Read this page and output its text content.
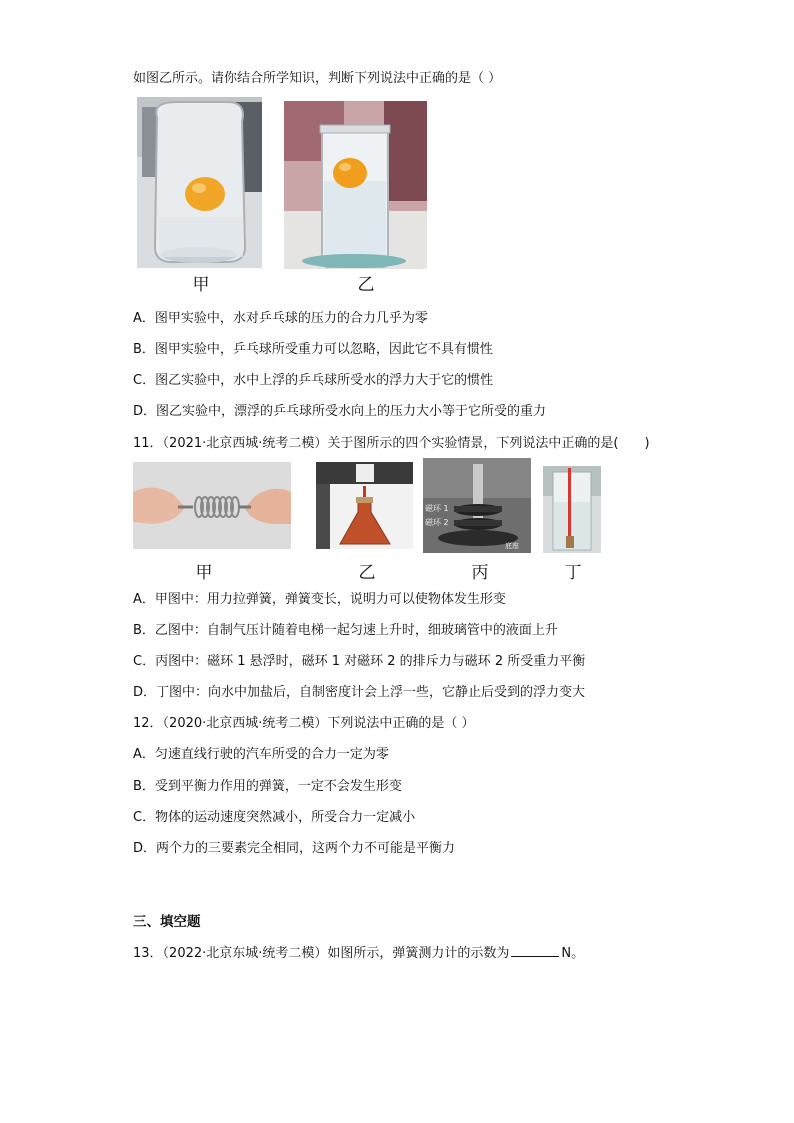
如图乙所示。请你结合所学知识，判断下列说法中正确的是（ ）
甲	乙
A．图甲实验中，水对乒乓球的压力的合力几乎为零
B．图甲实验中，乒乓球所受重力可以忽略，因此它不具有惯性
C．图乙实验中，水中上浮的乒乓球所受水的浮力大于它的惯性
D．图乙实验中，漂浮的乒乓球所受水向上的压力大小等于它所受的重力
11．（2021·北京西城·统考二模）关于图所示的四个实验情景，下列说法中正确的是(　　)
磁环 1
磁环 2
底座
甲	乙	丙	丁
A．甲图中：用力拉弹簧，弹簧变长，说明力可以使物体发生形变
B．乙图中：自制气压计随着电梯一起匀速上升时，细玻璃管中的液面上升
C．丙图中：磁环 1 悬浮时，磁环 1 对磁环 2 的排斥力与磁环 2 所受重力平衡
D．丁图中：向水中加盐后，自制密度计会上浮一些，它静止后受到的浮力变大
12．（2020·北京西城·统考二模）下列说法中正确的是（ ）
A．匀速直线行驶的汽车所受的合力一定为零
B．受到平衡力作用的弹簧，一定不会发生形变
C．物体的运动速度突然减小，所受合力一定减小
D．两个力的三要素完全相同，这两个力不可能是平衡力
三、填空题
13．（2022·北京东城·统考二模）如图所示，弹簧测力计的示数为	N。
